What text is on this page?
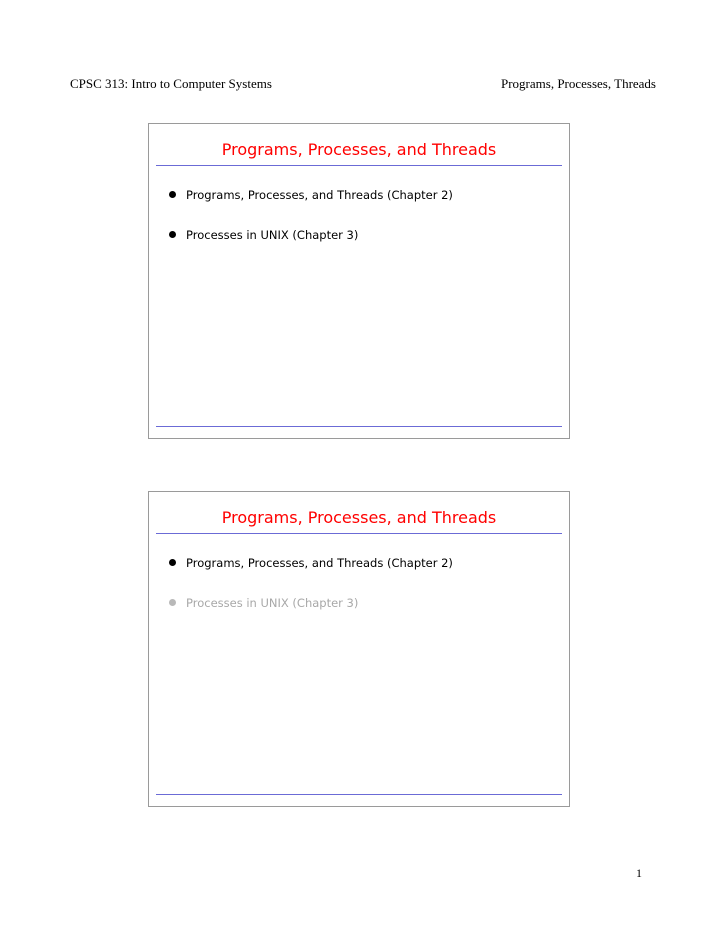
CPSC 313: Intro to Computer Systems	Programs, Processes, Threads
Programs, Processes, and Threads
Programs, Processes, and Threads (Chapter 2)
Processes in UNIX (Chapter 3)
Programs, Processes, and Threads
Programs, Processes, and Threads (Chapter 2)
Processes in UNIX (Chapter 3)
1
